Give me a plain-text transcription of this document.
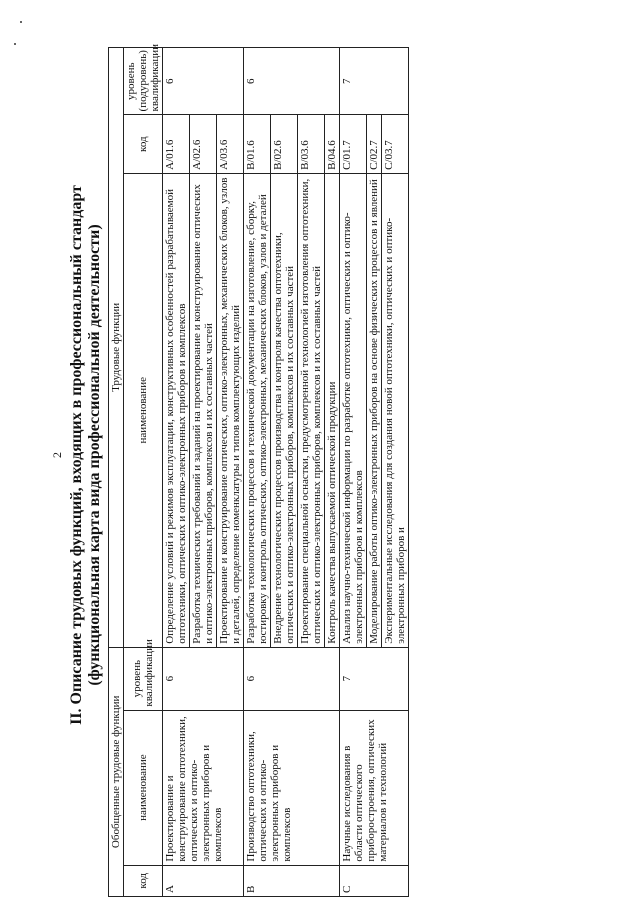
2 II. Описание трудовых функций, входящих в профессиональный стандарт (функциональная карта вида профессиональной деятельности)
Обобщенные трудовые функции			Трудовые функции		
код	наименование	уровень квалификации	наименование	код	уровень (подуровень) квалификации
A	Проектирование и конструирование оптотехники, оптических и оптико-электронных приборов и комплексов	6	Определение условий и режимов эксплуатации, конструктивных особенностей разрабатываемой оптотехники, оптических и оптико-электронных приборов и комплексов	A/01.6	6
			Разработка технических требований и заданий на проектирование и конструирование оптических и оптико-электронных приборов, комплексов и их составных частей	A/02.6	
			Проектирование и конструирование оптических, оптико-электронных, механических блоков, узлов и деталей, определение номенклатуры и типов комплектующих изделий	A/03.6	
B	Производство оптотехники, оптических и оптико-электронных приборов и комплексов	6	Разработка технологических процессов и технической документации на изготовление, сборку, юстировку и контроль оптических, оптико-электронных, механических блоков, узлов и деталей	B/01.6	6
			Внедрение технологических процессов производства и контроля качества оптотехники, оптических и оптико-электронных приборов, комплексов и их составных частей	B/02.6	
			Проектирование специальной оснастки, предусмотренной технологией изготовления оптотехники, оптических и оптико-электронных приборов, комплексов и их составных частей	B/03.6	
			Контроль качества выпускаемой оптической продукции	B/04.6	
C	Научные исследования в области оптического приборостроения, оптических материалов и технологий	7	Анализ научно-технической информации по разработке оптотехники, оптических и оптико-электронных приборов и комплексов	C/01.7	7
			Моделирование работы оптико-электронных приборов на основе физических процессов и явлений	C/02.7	
			Экспериментальные исследования для создания новой оптотехники, оптических и оптико-электронных приборов и	C/03.7	
